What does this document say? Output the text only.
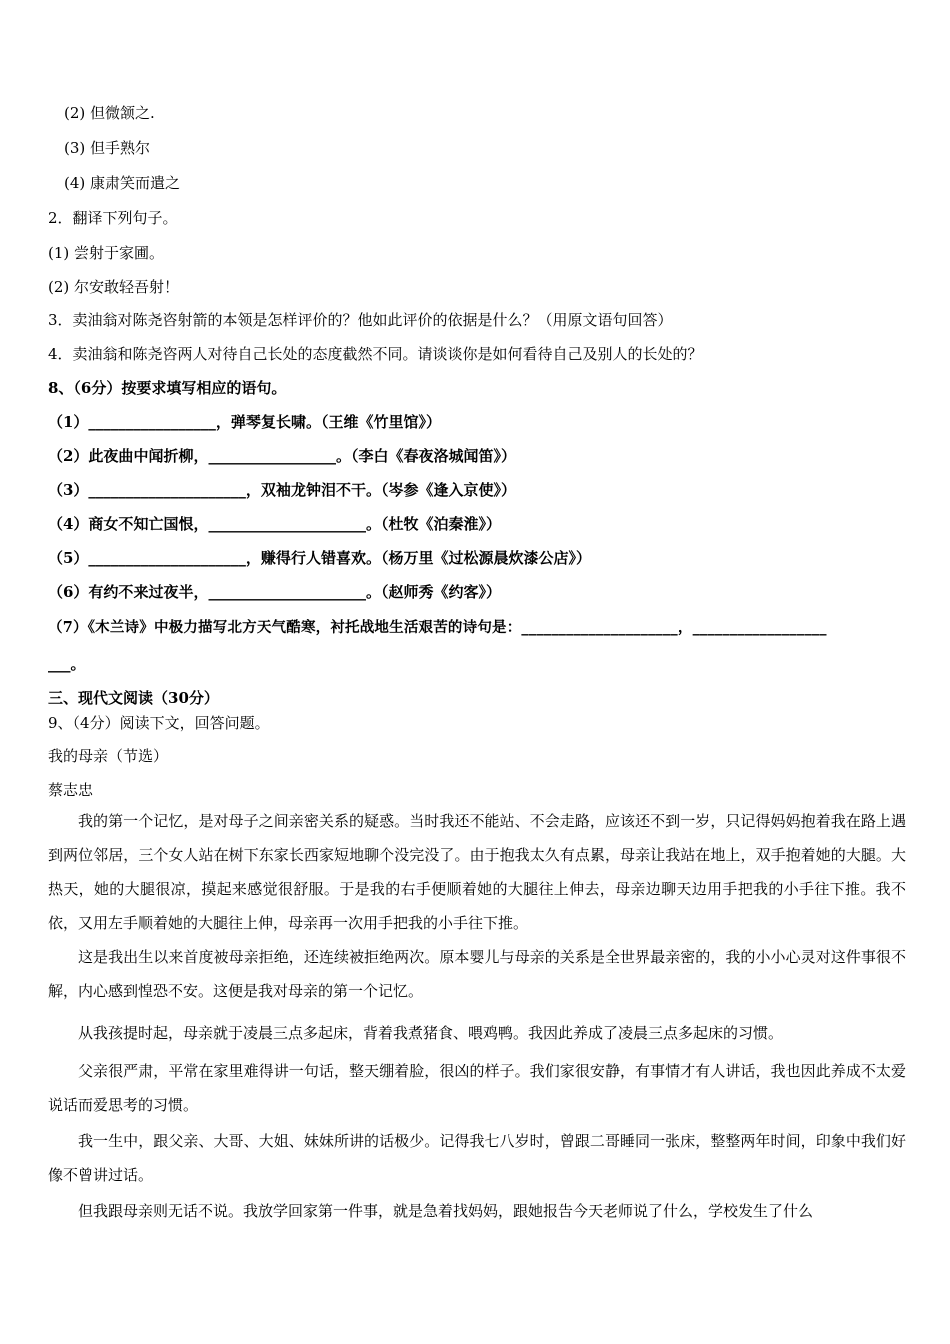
(2) 但微颔之.
(3) 但手熟尔
(4) 康肃笑而遣之
2．翻译下列句子。
(1) 尝射于家圃。
(2) 尔安敢轻吾射！
3．卖油翁对陈尧咨射箭的本领是怎样评价的？他如此评价的依据是什么？（用原文语句回答）
4．卖油翁和陈尧咨两人对待自己长处的态度截然不同。请谈谈你是如何看待自己及别人的长处的？
8、（6分）按要求填写相应的语句。
（1）_________________，弹琴复长啸。（王维《竹里馆》）
（2）此夜曲中闻折柳，_________________。（李白《春夜洛城闻笛》）
（3）_____________________，双袖龙钟泪不干。（岑参《逢入京使》）
（4）商女不知亡国恨，_____________________。（杜牧《泊秦淮》）
（5）_____________________，赚得行人错喜欢。（杨万里《过松源晨炊漆公店》）
（6）有约不来过夜半，_____________________。（赵师秀《约客》）
（7）《木兰诗》中极力描写北方天气酷寒，衬托战地生活艰苦的诗句是：_____________________，__________________
___。
三、现代文阅读（30分）
9、（4分）阅读下文，回答问题。
我的母亲（节选）
蔡志忠
我的第一个记忆，是对母子之间亲密关系的疑惑。当时我还不能站、不会走路，应该还不到一岁，只记得妈妈抱着我在路上遇到两位邻居，三个女人站在树下东家长西家短地聊个没完没了。由于抱我太久有点累，母亲让我站在地上，双手抱着她的大腿。大热天，她的大腿很凉，摸起来感觉很舒服。于是我的右手便顺着她的大腿往上伸去，母亲边聊天边用手把我的小手往下推。我不依，又用左手顺着她的大腿往上伸，母亲再一次用手把我的小手往下推。
这是我出生以来首度被母亲拒绝，还连续被拒绝两次。原本婴儿与母亲的关系是全世界最亲密的，我的小小心灵对这件事很不解，内心感到惶恐不安。这便是我对母亲的第一个记忆。
从我孩提时起，母亲就于凌晨三点多起床，背着我煮猪食、喂鸡鸭。我因此养成了凌晨三点多起床的习惯。
父亲很严肃，平常在家里难得讲一句话，整天绷着脸，很凶的样子。我们家很安静，有事情才有人讲话，我也因此养成不太爱说话而爱思考的习惯。
我一生中，跟父亲、大哥、大姐、妹妹所讲的话极少。记得我七八岁时，曾跟二哥睡同一张床，整整两年时间，印象中我们好像不曾讲过话。
但我跟母亲则无话不说。我放学回家第一件事，就是急着找妈妈，跟她报告今天老师说了什么，学校发生了什么
